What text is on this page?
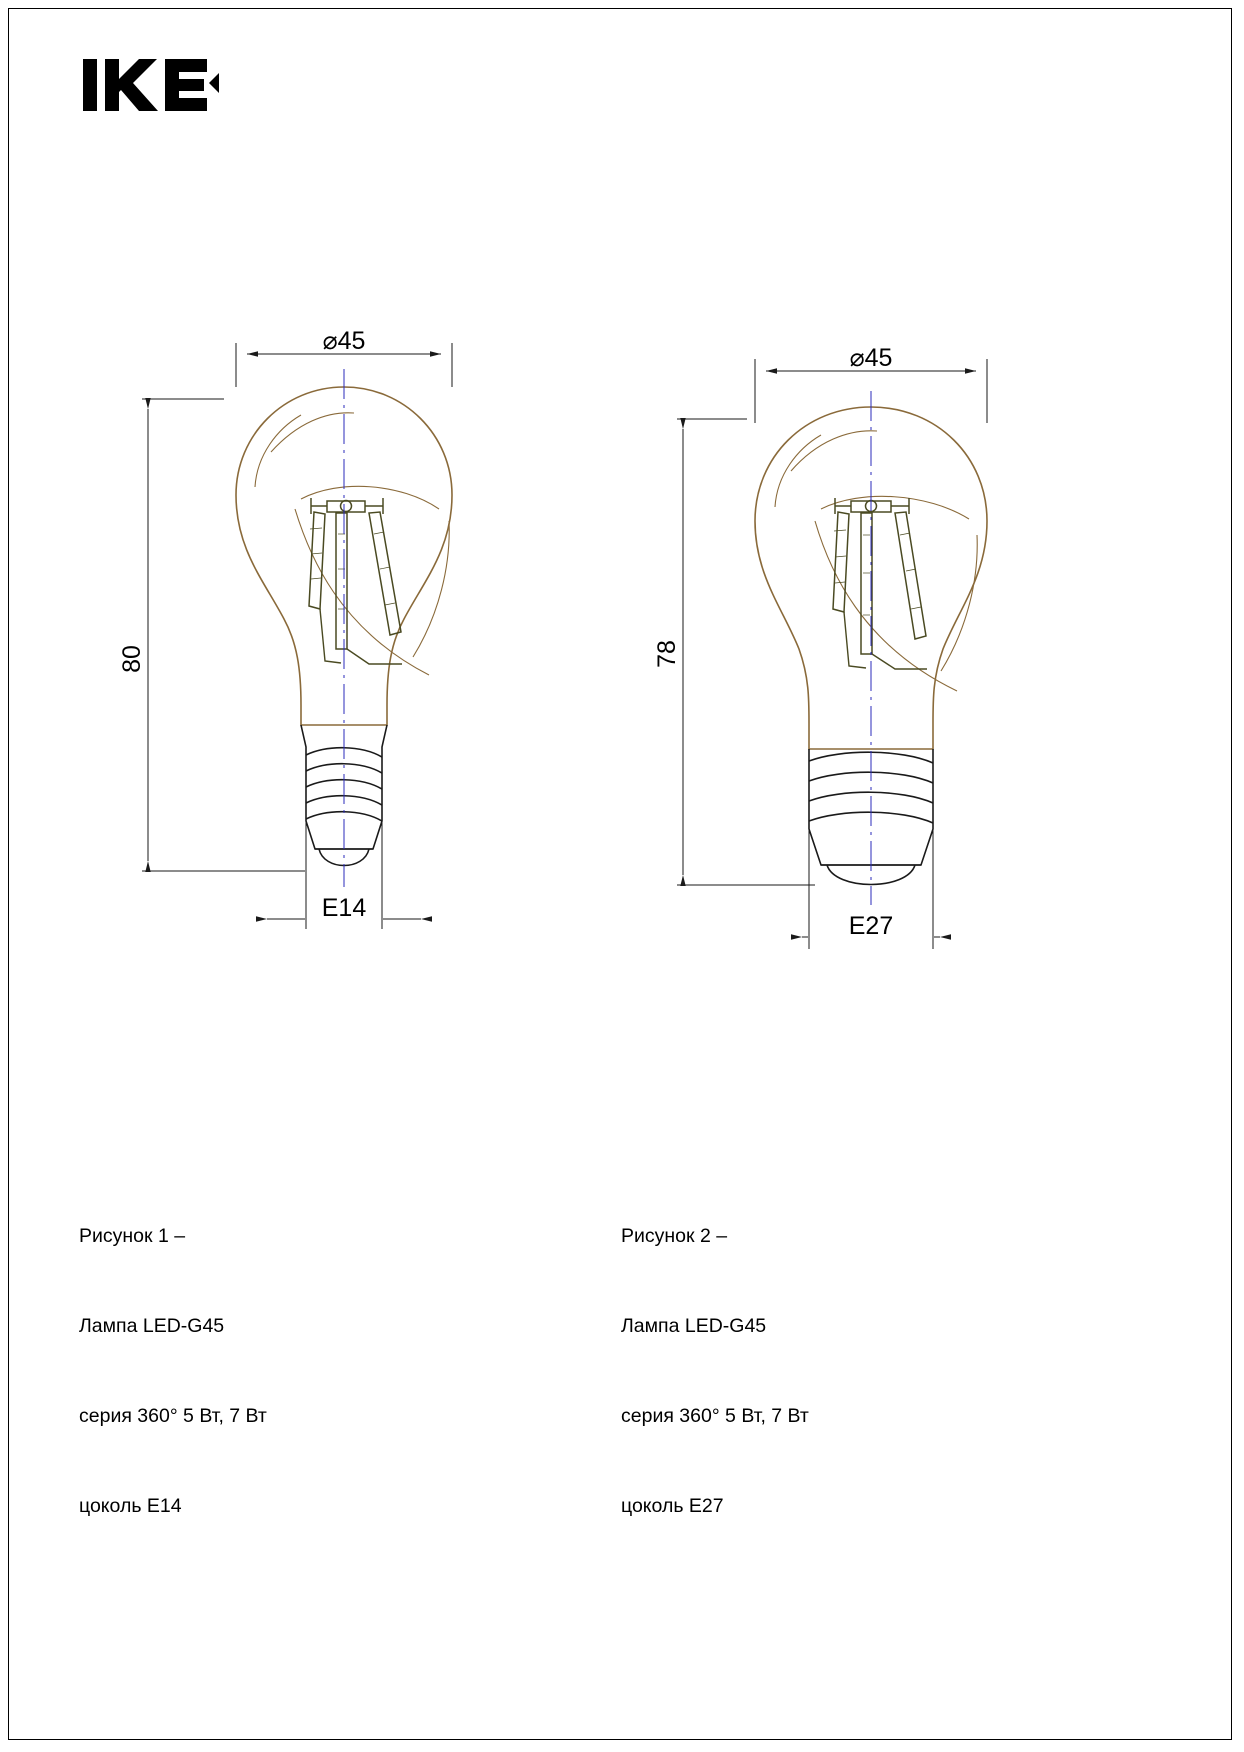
⌀45
80
E14
⌀45
78
E27

Рисунок 1 –

Лампа LED-G45

серия 360° 5 Вт, 7 Вт

цоколь E14

Рисунок 2 –

Лампа LED-G45

серия 360° 5 Вт, 7 Вт

цоколь E27
